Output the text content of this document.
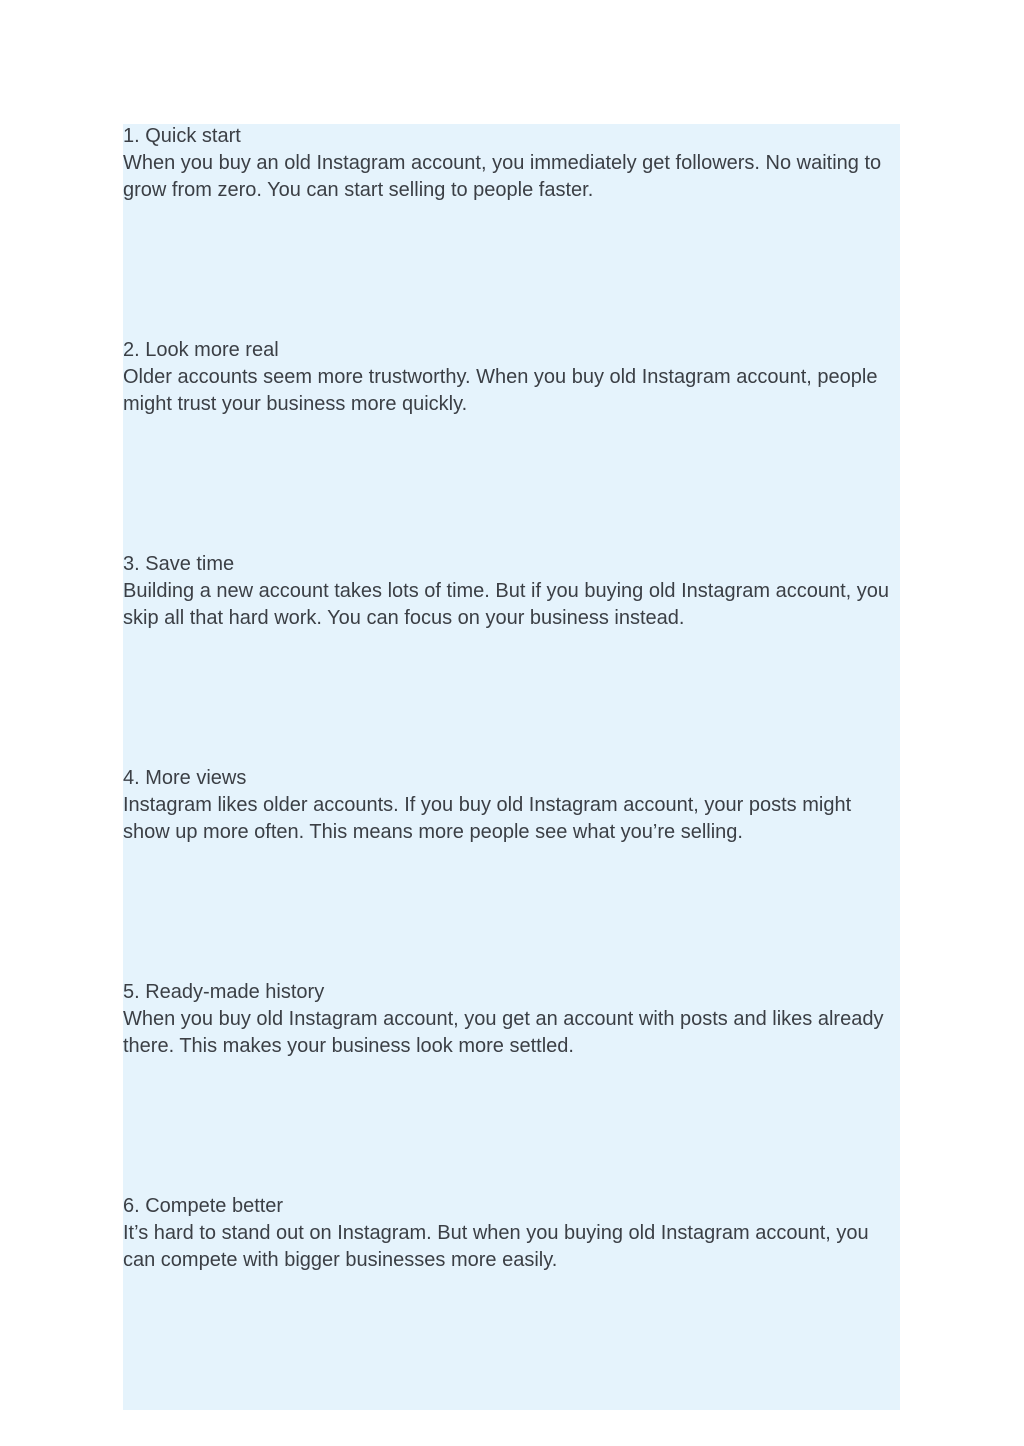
1. Quick start

When you buy an old Instagram account, you immediately get followers. No waiting to grow from zero. You can start selling to people faster.

2. Look more real

Older accounts seem more trustworthy. When you buy old Instagram account, people might trust your business more quickly.

3. Save time

Building a new account takes lots of time. But if you buying old Instagram account, you skip all that hard work. You can focus on your business instead.

4. More views

Instagram likes older accounts. If you buy old Instagram account, your posts might show up more often. This means more people see what you’re selling.

5. Ready-made history

When you buy old Instagram account, you get an account with posts and likes already there. This makes your business look more settled.

6. Compete better

It’s hard to stand out on Instagram. But when you buying old Instagram account, you can compete with bigger businesses more easily.
